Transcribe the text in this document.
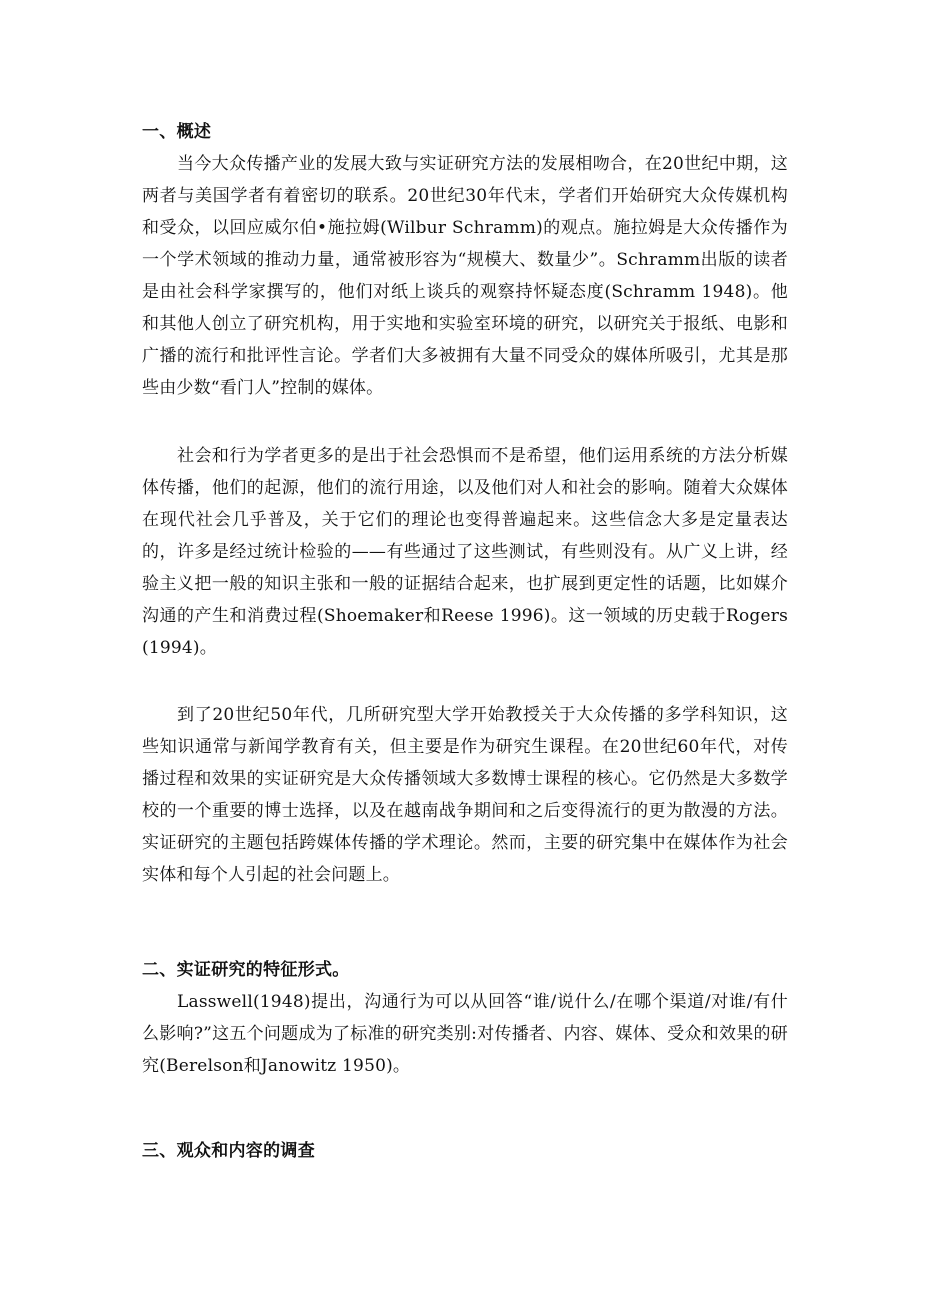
一、概述
当今大众传播产业的发展大致与实证研究方法的发展相吻合，在20世纪中期，这两者与美国学者有着密切的联系。20世纪30年代末，学者们开始研究大众传媒机构和受众，以回应威尔伯•施拉姆(Wilbur Schramm)的观点。施拉姆是大众传播作为一个学术领域的推动力量，通常被形容为“规模大、数量少”。Schramm出版的读者是由社会科学家撰写的，他们对纸上谈兵的观察持怀疑态度(Schramm 1948)。他和其他人创立了研究机构，用于实地和实验室环境的研究，以研究关于报纸、电影和广播的流行和批评性言论。学者们大多被拥有大量不同受众的媒体所吸引，尤其是那些由少数“看门人”控制的媒体。
社会和行为学者更多的是出于社会恐惧而不是希望，他们运用系统的方法分析媒体传播，他们的起源，他们的流行用途，以及他们对人和社会的影响。随着大众媒体在现代社会几乎普及，关于它们的理论也变得普遍起来。这些信念大多是定量表达的，许多是经过统计检验的——有些通过了这些测试，有些则没有。从广义上讲，经验主义把一般的知识主张和一般的证据结合起来，也扩展到更定性的话题，比如媒介沟通的产生和消费过程(Shoemaker和Reese 1996)。这一领域的历史载于Rogers(1994)。
到了20世纪50年代，几所研究型大学开始教授关于大众传播的多学科知识，这些知识通常与新闻学教育有关，但主要是作为研究生课程。在20世纪60年代，对传播过程和效果的实证研究是大众传播领域大多数博士课程的核心。它仍然是大多数学校的一个重要的博士选择，以及在越南战争期间和之后变得流行的更为散漫的方法。实证研究的主题包括跨媒体传播的学术理论。然而，主要的研究集中在媒体作为社会实体和每个人引起的社会问题上。
二、实证研究的特征形式。
Lasswell(1948)提出，沟通行为可以从回答“谁/说什么/在哪个渠道/对谁/有什么影响?”这五个问题成为了标准的研究类别:对传播者、内容、媒体、受众和效果的研究(Berelson和Janowitz 1950)。
三、观众和内容的调查
